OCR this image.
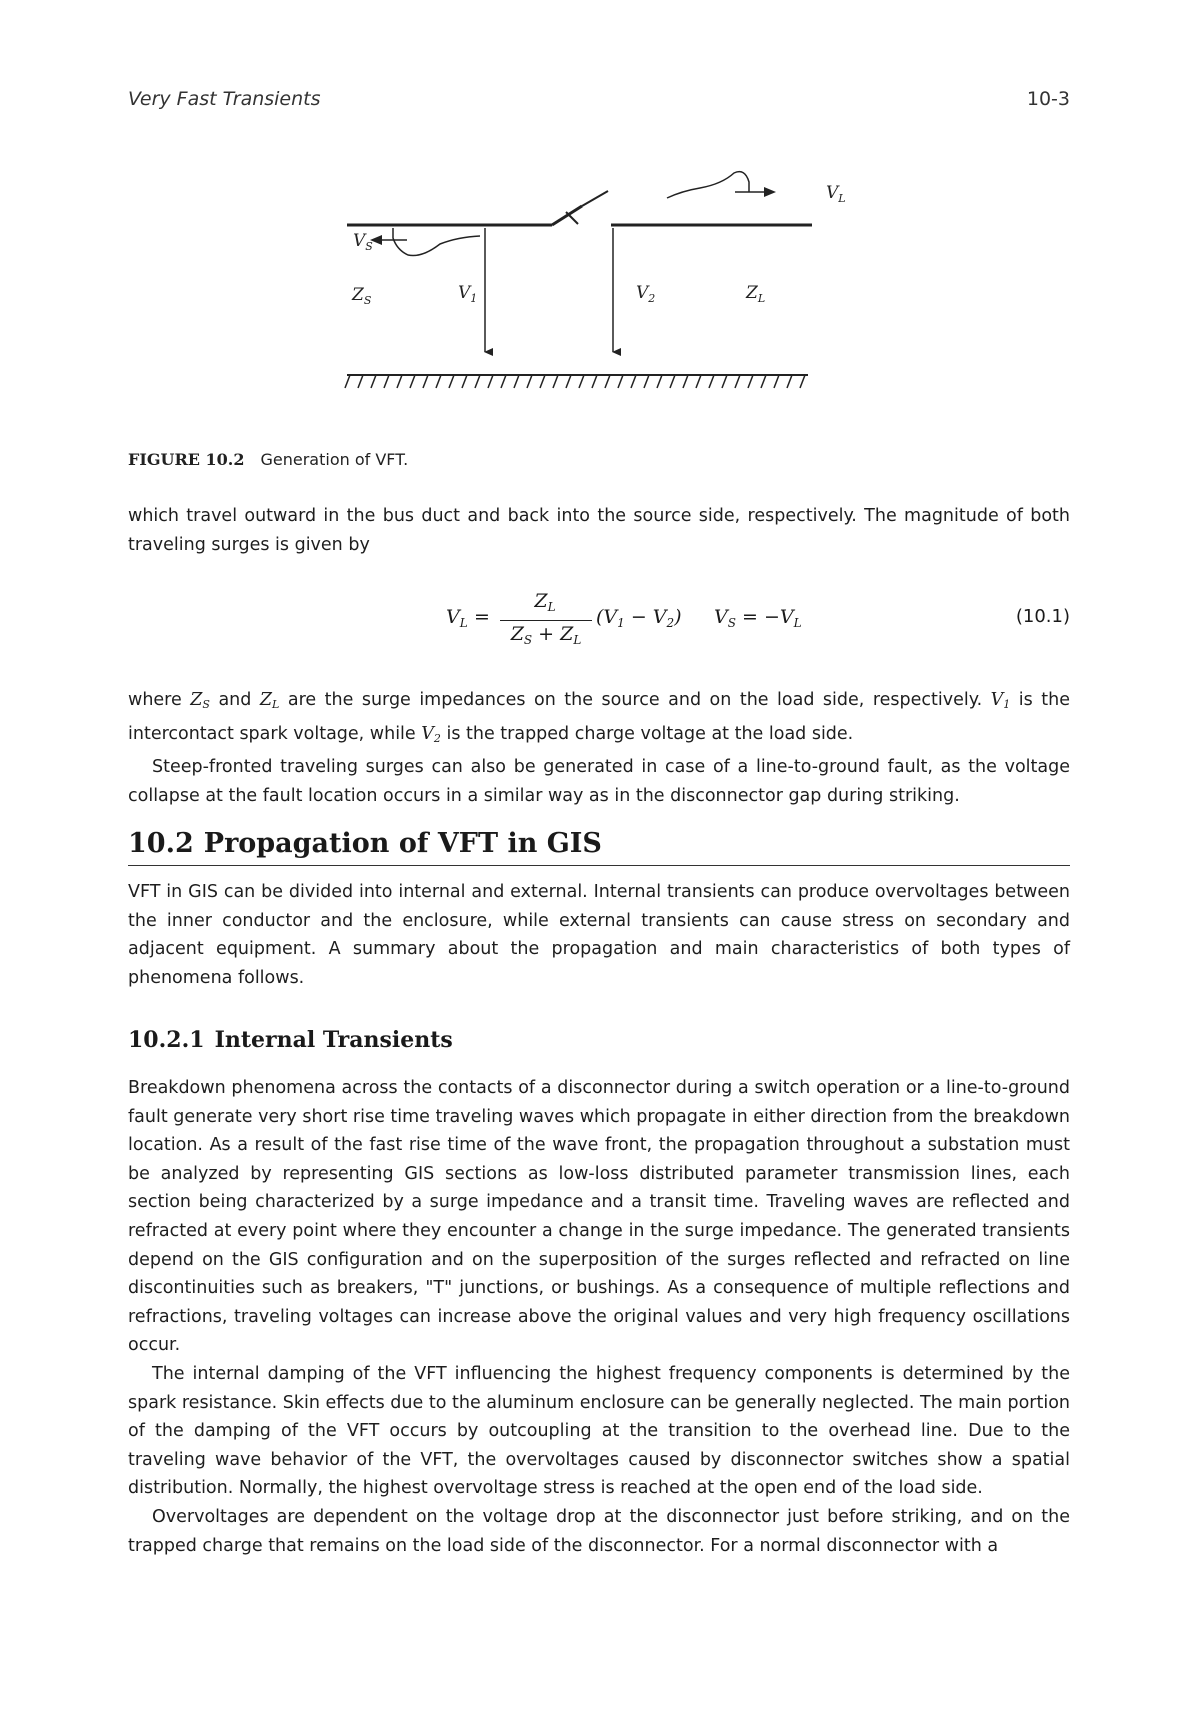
Very Fast Transients	10-3
$V_L$
$V_S$
$Z_S$	$V_1$	$V_2$	$Z_L$
FIGURE 10.2 Generation of VFT.

which travel outward in the bus duct and back into the source side, respectively. The magnitude of both traveling surges is given by

$V_L$ =
$Z_L$
$Z_S + Z_L$
$(V_1 - V_2) V_S = -V_L$	(10.1)

where $Z_S$ and $Z_L$ are the surge impedances on the source and on the load side, respectively. $V_1$ is the intercontact spark voltage, while $V_2$ is the trapped charge voltage at the load side.

Steep-fronted traveling surges can also be generated in case of a line-to-ground fault, as the voltage collapse at the fault location occurs in a similar way as in the disconnector gap during striking.

10.2 Propagation of VFT in GIS

VFT in GIS can be divided into internal and external. Internal transients can produce overvoltages between the inner conductor and the enclosure, while external transients can cause stress on secondary and adjacent equipment. A summary about the propagation and main characteristics of both types of phenomena follows.

10.2.1 Internal Transients

Breakdown phenomena across the contacts of a disconnector during a switch operation or a line-to-ground fault generate very short rise time traveling waves which propagate in either direction from the breakdown location. As a result of the fast rise time of the wave front, the propagation throughout a substation must be analyzed by representing GIS sections as low-loss distributed parameter transmission lines, each section being characterized by a surge impedance and a transit time. Traveling waves are reflected and refracted at every point where they encounter a change in the surge impedance. The generated transients depend on the GIS configuration and on the superposition of the surges reflected and refracted on line discontinuities such as breakers, "T" junctions, or bushings. As a consequence of multiple reflections and refractions, traveling voltages can increase above the original values and very high frequency oscillations occur.

The internal damping of the VFT influencing the highest frequency components is determined by the spark resistance. Skin effects due to the aluminum enclosure can be generally neglected. The main portion of the damping of the VFT occurs by outcoupling at the transition to the overhead line. Due to the traveling wave behavior of the VFT, the overvoltages caused by disconnector switches show a spatial distribution. Normally, the highest overvoltage stress is reached at the open end of the load side.

Overvoltages are dependent on the voltage drop at the disconnector just before striking, and on the trapped charge that remains on the load side of the disconnector. For a normal disconnector with a
